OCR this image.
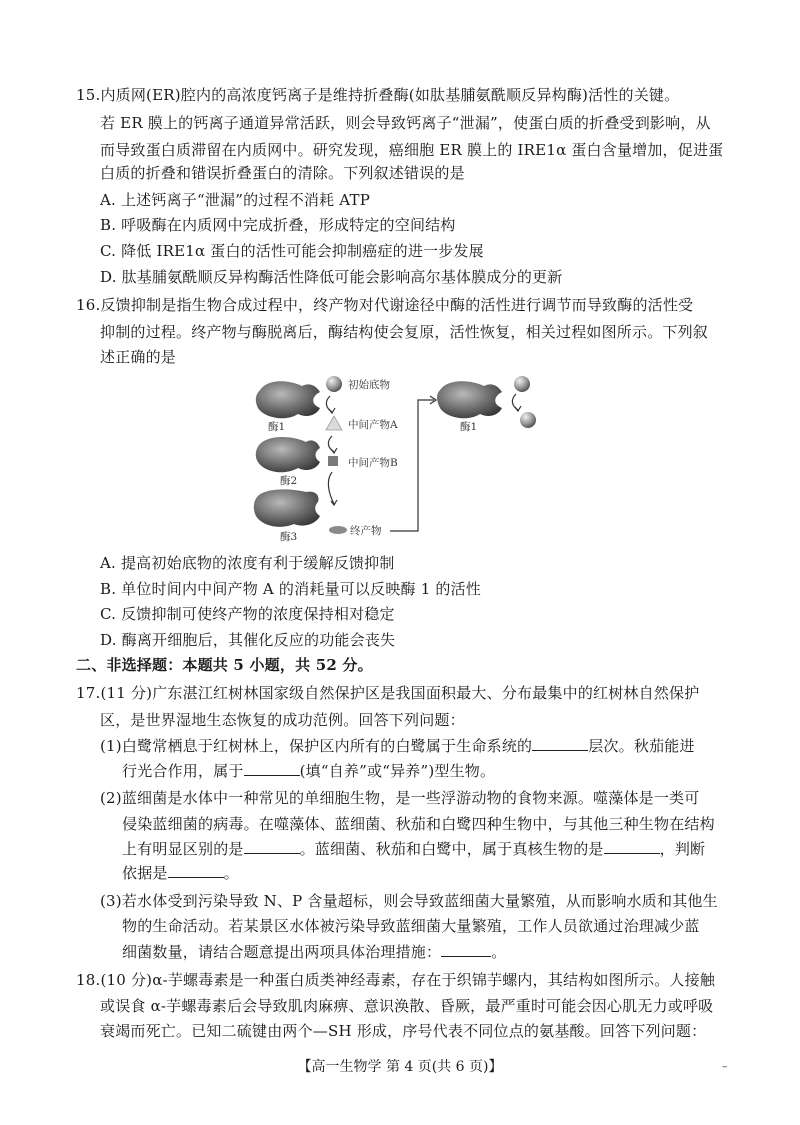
15.内质网(ER)腔内的高浓度钙离子是维持折叠酶(如肽基脯氨酰顺反异构酶)活性的关键。
若 ER 膜上的钙离子通道异常活跃，则会导致钙离子“泄漏”，使蛋白质的折叠受到影响，从
而导致蛋白质滞留在内质网中。研究发现，癌细胞 ER 膜上的 IRE1α 蛋白含量增加，促进蛋
白质的折叠和错误折叠蛋白的清除。下列叙述错误的是
A. 上述钙离子“泄漏”的过程不消耗 ATP
B. 呼吸酶在内质网中完成折叠，形成特定的空间结构
C. 降低 IRE1α 蛋白的活性可能会抑制癌症的进一步发展
D. 肽基脯氨酰顺反异构酶活性降低可能会影响高尔基体膜成分的更新
16.反馈抑制是指生物合成过程中，终产物对代谢途径中酶的活性进行调节而导致酶的活性受
抑制的过程。终产物与酶脱离后，酶结构使会复原，活性恢复，相关过程如图所示。下列叙
述正确的是
酶1
初始底物
中间产物A
酶2
中间产物B
酶3	终产物
酶1
A. 提高初始底物的浓度有利于缓解反馈抑制
B. 单位时间内中间产物 A 的消耗量可以反映酶 1 的活性
C. 反馈抑制可使终产物的浓度保持相对稳定
D. 酶离开细胞后，其催化反应的功能会丧失
二、非选择题：本题共 5 小题，共 52 分。
17.(11 分)广东湛江红树林国家级自然保护区是我国面积最大、分布最集中的红树林自然保护
区，是世界湿地生态恢复的成功范例。回答下列问题：
(1)白鹭常栖息于红树林上，保护区内所有的白鹭属于生命系统的	层次。秋茄能进
行光合作用，属于	(填“自养”或“异养”)型生物。
(2)蓝细菌是水体中一种常见的单细胞生物，是一些浮游动物的食物来源。噬藻体是一类可
侵染蓝细菌的病毒。在噬藻体、蓝细菌、秋茄和白鹭四种生物中，与其他三种生物在结构
上有明显区别的是	。蓝细菌、秋茄和白鹭中，属于真核生物的是	，判断
依据是	。
(3)若水体受到污染导致 N、P 含量超标，则会导致蓝细菌大量繁殖，从而影响水质和其他生
物的生命活动。若某景区水体被污染导致蓝细菌大量繁殖，工作人员欲通过治理减少蓝
细菌数量，请结合题意提出两项具体治理措施：	。
18.(10 分)α-芋螺毒素是一种蛋白质类神经毒素，存在于织锦芋螺内，其结构如图所示。人接触
或误食 α-芋螺毒素后会导致肌肉麻痹、意识涣散、昏厥，最严重时可能会因心肌无力或呼吸
衰竭而死亡。已知二硫键由两个—SH 形成，序号代表不同位点的氨基酸。回答下列问题：
【高一生物学 第 4 页(共 6 页)】	–
